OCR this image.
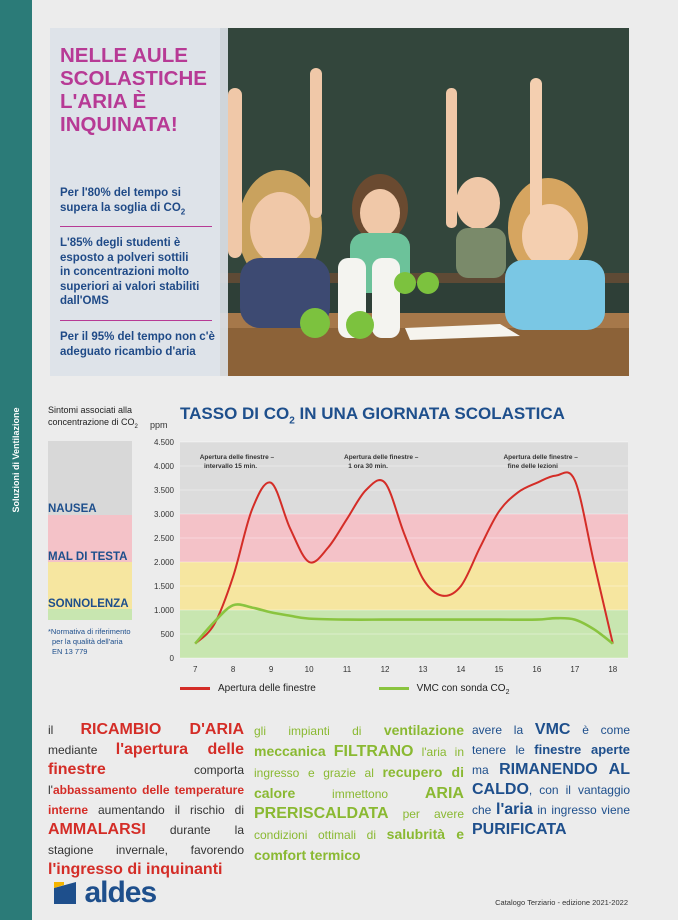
Soluzioni di Ventilazione
NELLE AULE
SCOLASTICHE
L'ARIA È
INQUINATA!
Per l'80% del tempo si
supera la soglia di $CO_2$
L'85% degli studenti è
esposto a polveri sottili
in concentrazioni molto
superiori ai valori stabiliti
dall'OMS
Per il 95% del tempo non c'è
adeguato ricambio d'aria
Sintomi associati alla
concentrazione di $CO_2$
NAUSEA
MAL DI TESTA
SONNOLENZA
*Normativa di riferimento
per la qualità dell'aria
EN 13 779
TASSO DI $CO_2$ IN UNA GIORNATA SCOLASTICA
ppm
0
500
1.000
1.500
2.000
2.500
3.000
3.500
4.000
4.500
7	8	9	10	11	12	13	14	15	16	17	18
Apertura delle finestre –
intervallo 15 min.
Apertura delle finestre –
1 ora 30 min.
Apertura delle finestre –
fine delle lezioni
Apertura delle finestre	VMC con sonda $CO_2$
il RICAMBIO D'ARIA mediante l'apertura delle finestre	comporta l'abbassamento delle temperature interne aumentando il rischio di AMMALARSI durante la stagione invernale, favorendo l'ingresso di inquinanti
gli impianti di ventilazione meccanica FILTRANO l'aria in ingresso e grazie al recupero di calore	immettono ARIA PRERISCALDATA per avere condizioni ottimali di salubrità e comfort termico
avere la VMC è come tenere le finestre aperte ma RIMANENDO AL CALDO, con il vantaggio che l'aria in ingresso viene PURIFICATA
aldes	Catalogo Terziario - edizione 2021-2022
